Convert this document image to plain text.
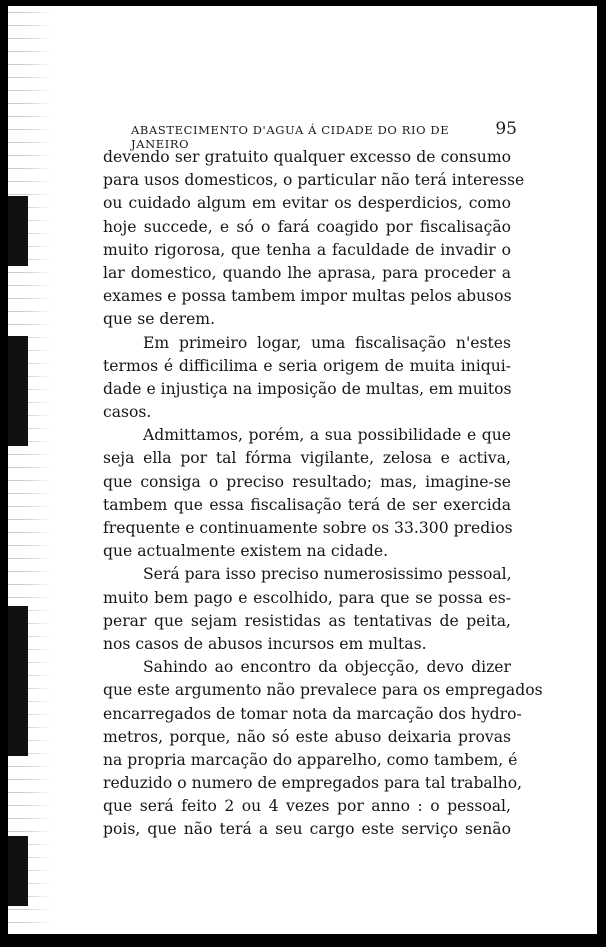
ABASTECIMENTO D'AGUA Á CIDADE DO RIO DE JANEIRO
95

devendo ser gratuito qualquer excesso de consumo
para usos domesticos, o particular não terá interesse
ou cuidado algum em evitar os desperdicios, como
hoje succede, e só o fará coagido por fiscalisação
muito rigorosa, que tenha a faculdade de invadir o
lar domestico, quando lhe aprasa, para proceder a
exames e possa tambem impor multas pelos abusos
que se derem.

Em primeiro logar, uma fiscalisação n'estes
termos é difficilima e seria origem de muita iniqui-
dade e injustiça na imposição de multas, em muitos
casos.

Admittamos, porém, a sua possibilidade e que
seja ella por tal fórma vigilante, zelosa e activa,
que consiga o preciso resultado; mas, imagine-se
tambem que essa fiscalisação terá de ser exercida
frequente e continuamente sobre os 33.300 predios
que actualmente existem na cidade.

Será para isso preciso numerosissimo pessoal,
muito bem pago e escolhido, para que se possa es-
perar que sejam resistidas as tentativas de peita,
nos casos de abusos incursos em multas.

Sahindo ao encontro da objecção, devo dizer
que este argumento não prevalece para os empregados
encarregados de tomar nota da marcação dos hydro-
metros, porque, não só este abuso deixaria provas
na propria marcação do apparelho, como tambem, é
reduzido o numero de empregados para tal trabalho,
que será feito 2 ou 4 vezes por anno : o pessoal,
pois, que não terá a seu cargo este serviço senão
